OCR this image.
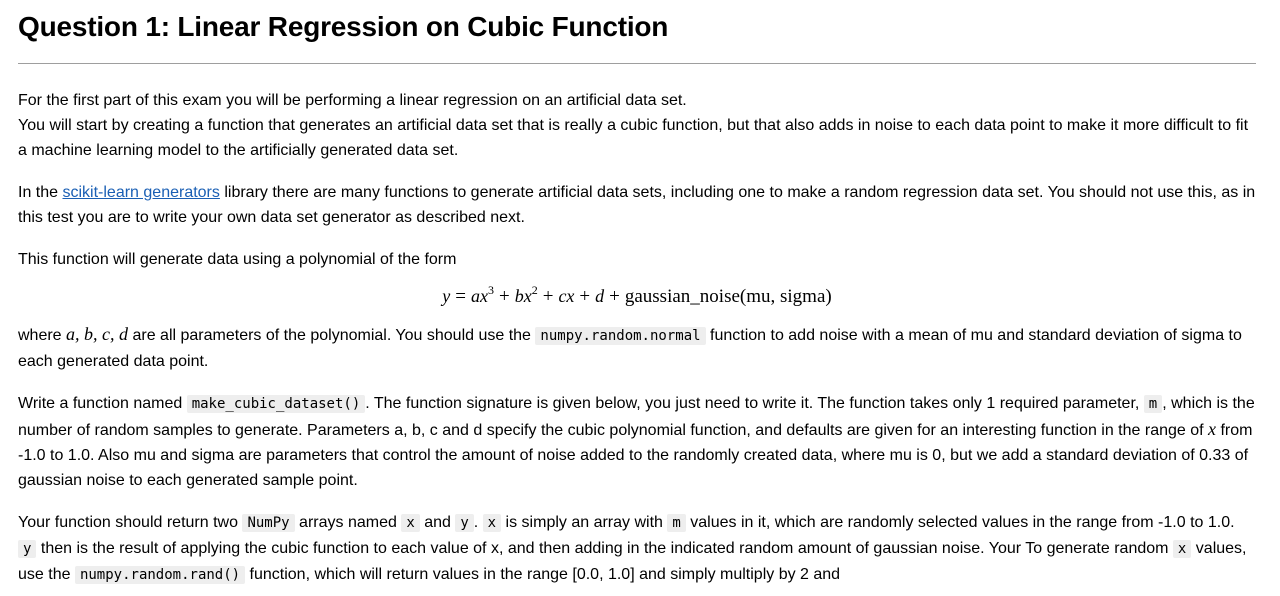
Question 1: Linear Regression on Cubic Function

For the first part of this exam you will be performing a linear regression on an artificial data set.
You will start by creating a function that generates an artificial data set that is really a cubic function, but that also adds in noise to each data point to make it more difficult to fit a machine learning model to the artificially generated data set.

In the scikit-learn generators library there are many functions to generate artificial data sets, including one to make a random regression data set. You should not use this, as in this test you are to write your own data set generator as described next.

This function will generate data using a polynomial of the form

$y = ax^3 + bx^2$ + cx + d + gaussian_noise(mu, sigma)

where a, b, c, d are all parameters of the polynomial. You should use the numpy.random.normal function to add noise with a mean of mu and standard deviation of sigma to each generated data point.

Write a function named make_cubic_dataset() . The function signature is given below, you just need to write it. The function takes only 1 required parameter, m , which is the number of random samples to generate. Parameters a, b, c and d specify the cubic polynomial function, and defaults are given for an interesting function in the range of x from -1.0 to 1.0. Also mu and sigma are parameters that control the amount of noise added to the randomly created data, where mu is 0, but we add a standard deviation of 0.33 of gaussian noise to each generated sample point.

Your function should return two NumPy arrays named x and y . x is simply an array with m values in it, which are randomly selected values in the range from -1.0 to 1.0. y then is the result of applying the cubic function to each value of x, and then adding in the indicated random amount of gaussian noise. Your To generate random x values, use the numpy.random.rand() function, which will return values in the range [0.0, 1.0] and simply multiply by 2 and
